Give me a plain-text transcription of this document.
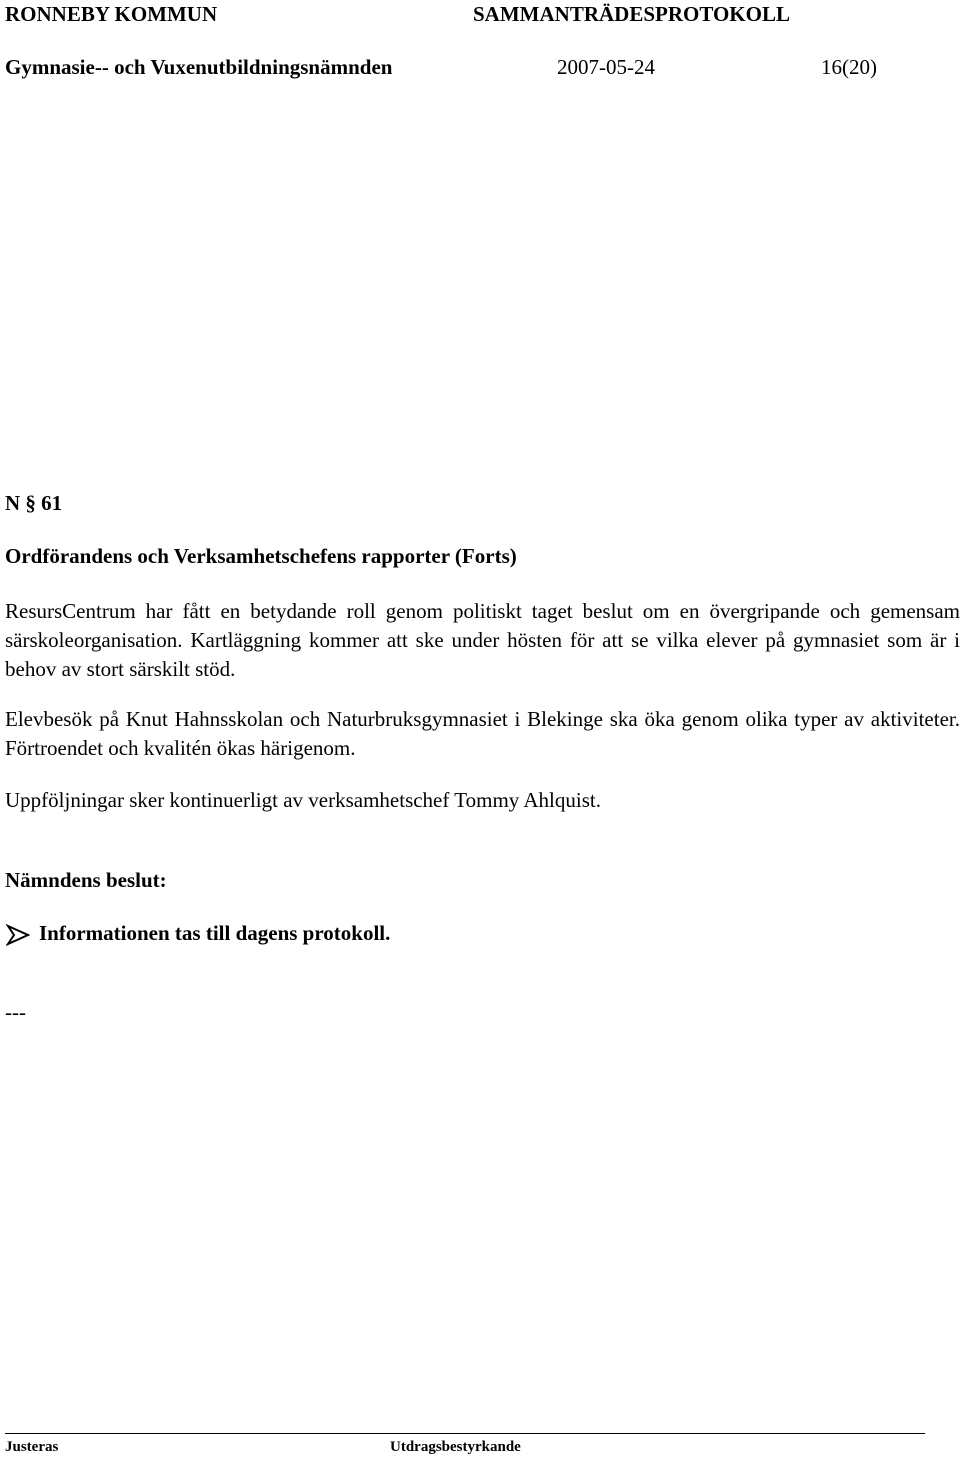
RONNEBY KOMMUN	SAMMANTRÄDESPROTOKOLL
Gymnasie-- och Vuxenutbildningsnämnden	2007-05-24	16(20)
N § 61
Ordförandens och Verksamhetschefens rapporter (Forts)
ResursCentrum har fått en betydande roll genom politiskt taget beslut om en övergripande och gemensam särskoleorganisation. Kartläggning kommer att ske under hösten för att se vilka elever på gymnasiet som är i behov av stort särskilt stöd.
Elevbesök på Knut Hahnsskolan och Naturbruksgymnasiet i Blekinge ska öka genom olika typer av aktiviteter. Förtroendet och kvalitén ökas härigenom.
Uppföljningar sker kontinuerligt av verksamhetschef Tommy Ahlquist.
Nämndens beslut:
Informationen tas till dagens protokoll.
---
Justeras	Utdragsbestyrkande
